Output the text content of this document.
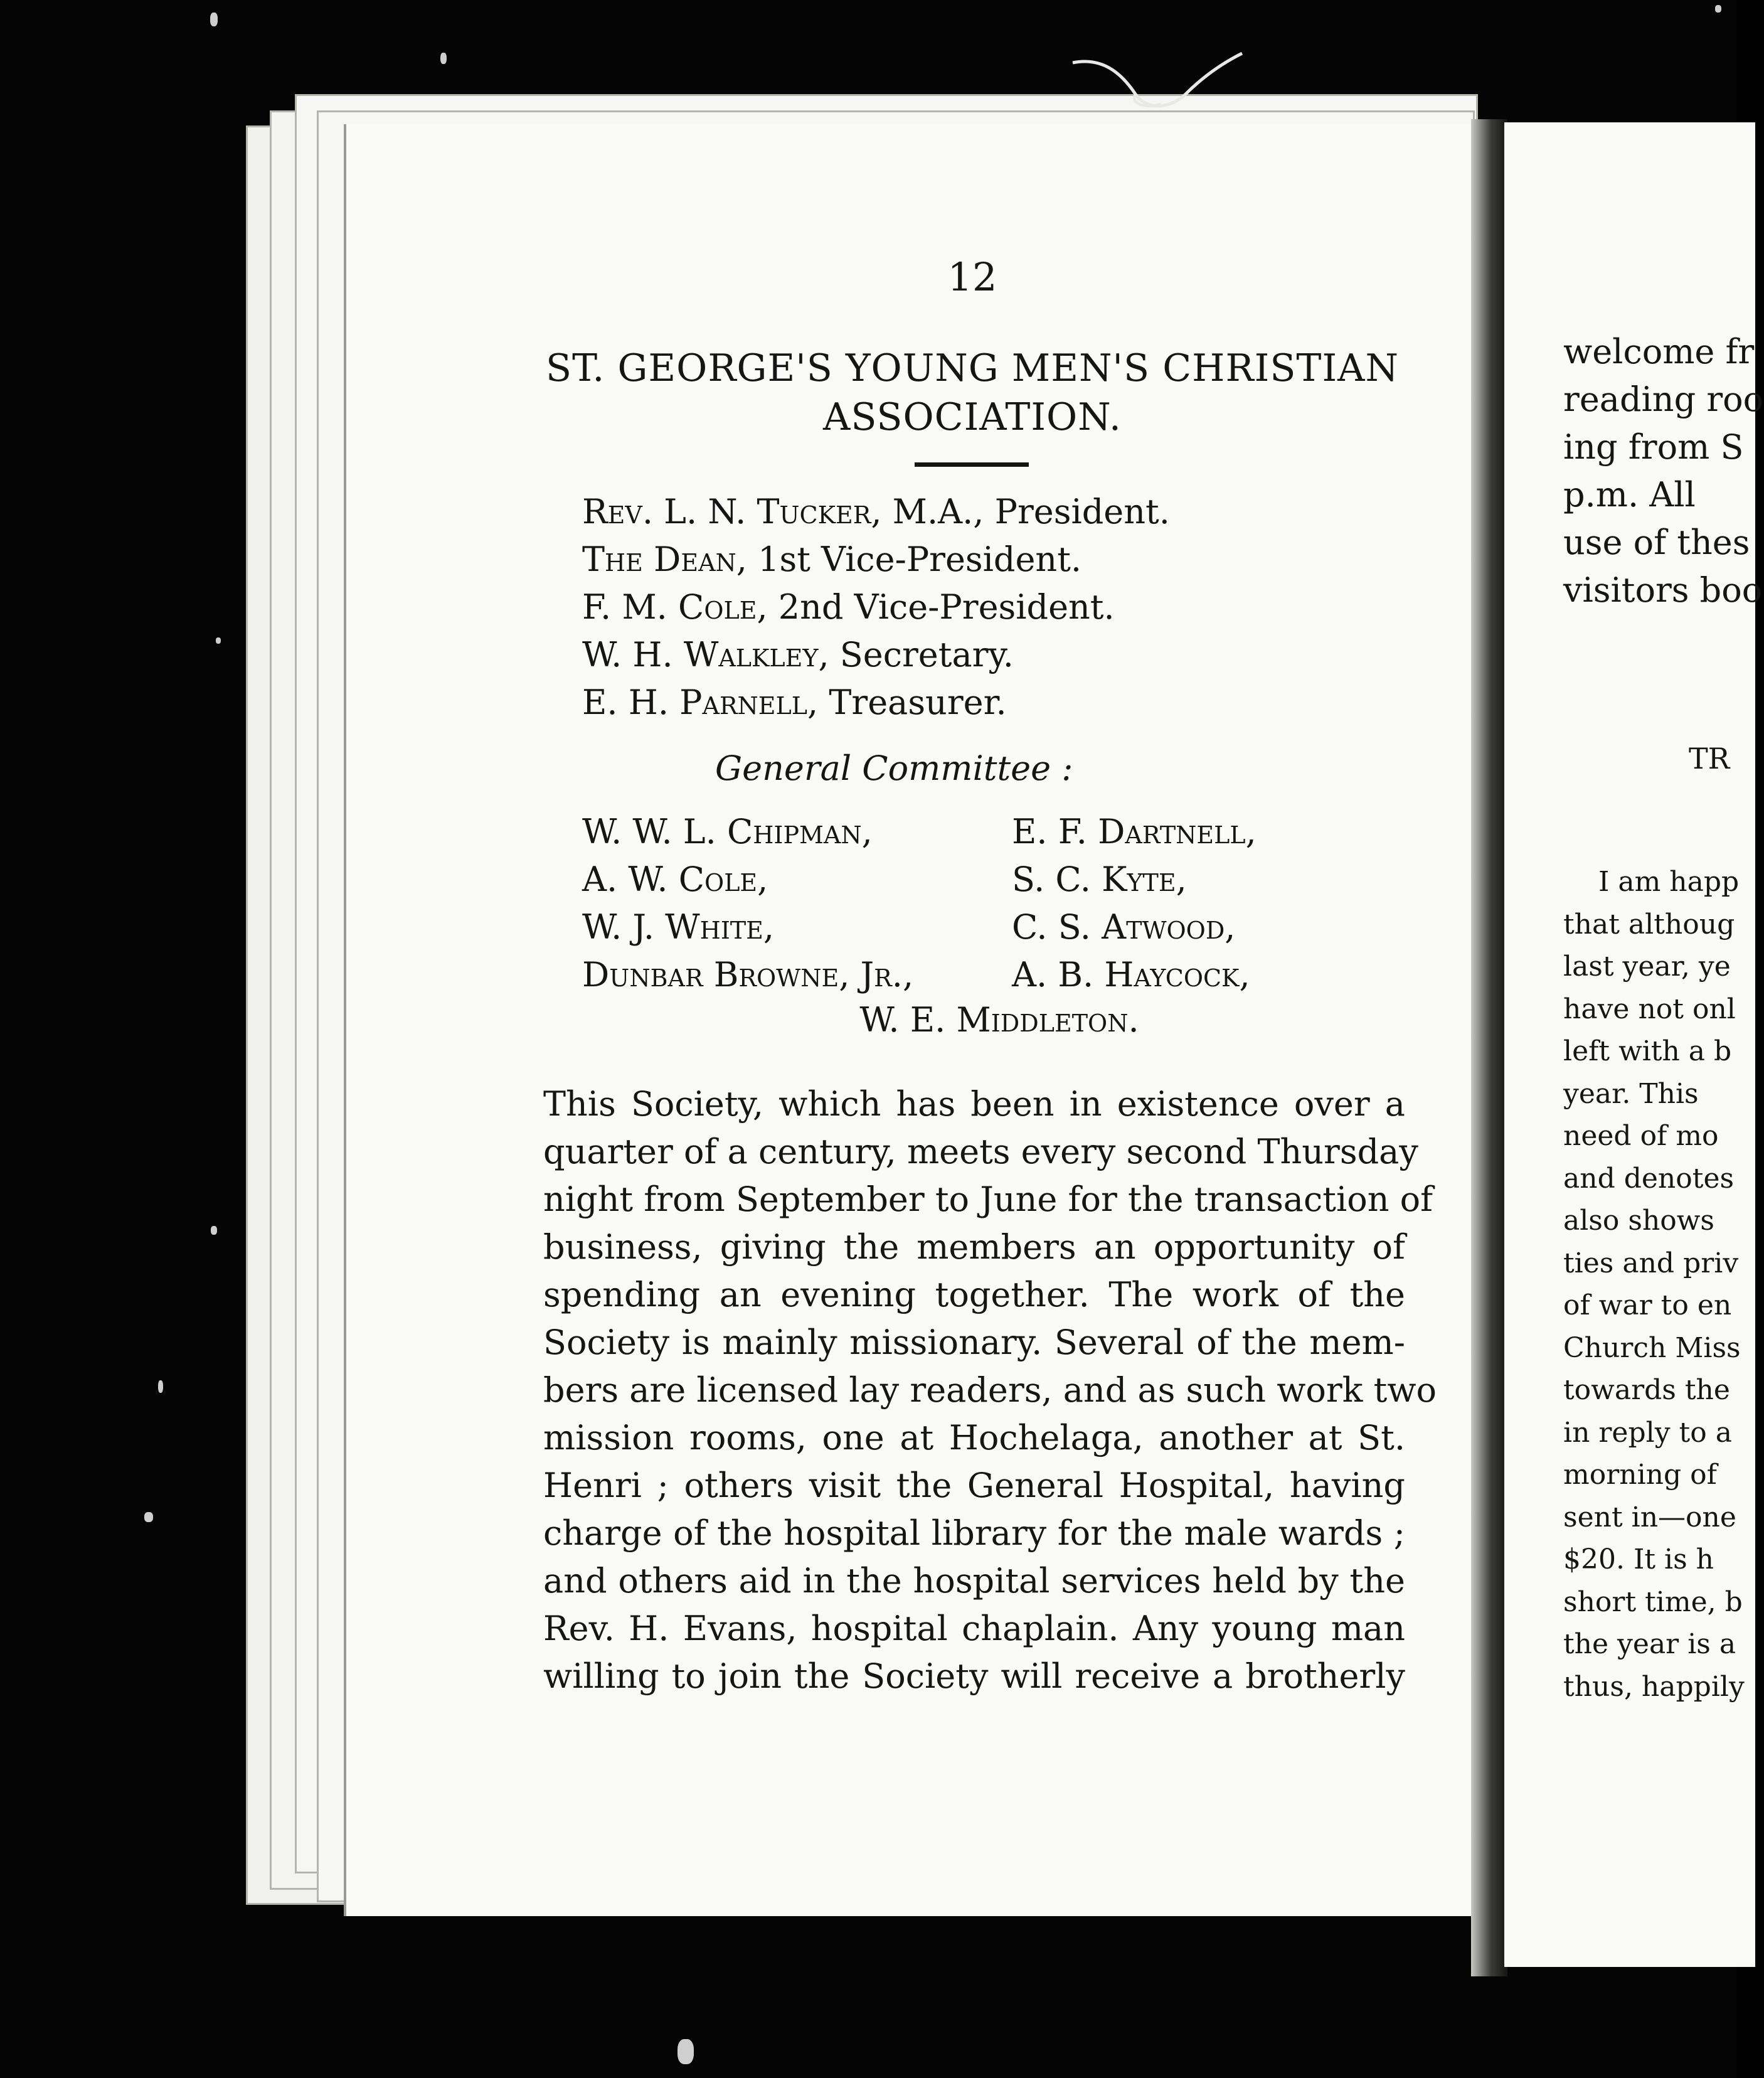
12
ST. GEORGE'S YOUNG MEN'S CHRISTIAN
ASSOCIATION.
Rev. L. N. Tucker, M.A., President.
The Dean, 1st Vice-President.
F. M. Cole, 2nd Vice-President.
W. H. Walkley, Secretary.
E. H. Parnell, Treasurer.
General Committee :
W. W. L. Chipman,	E. F. Dartnell,
A. W. Cole,	S. C. Kyte,
W. J. White,	C. S. Atwood,
Dunbar Browne, Jr.,	A. B. Haycock,
W. E. Middleton.
This Society, which has been in existence over a
quarter of a century, meets every second Thursday
night from September to June for the transaction of
business, giving the members an opportunity of
spending an evening together. The work of the
Society is mainly missionary. Several of the mem-
bers are licensed lay readers, and as such work two
mission rooms, one at Hochelaga, another at St.
Henri ; others visit the General Hospital, having
charge of the hospital library for the male wards ;
and others aid in the hospital services held by the
Rev. H. Evans, hospital chaplain. Any young man
willing to join the Society will receive a brotherly
welcome fr
reading roo
ing from S
p.m. All
use of thes
visitors boo
TR
I am happ
that althoug
last year, ye
have not onl
left with a b
year. This
need of mo
and denotes
also shows
ties and priv
of war to en
Church Miss
towards the
in reply to a
morning of
sent in—one
$20. It is h
short time, b
the year is a
thus, happily
